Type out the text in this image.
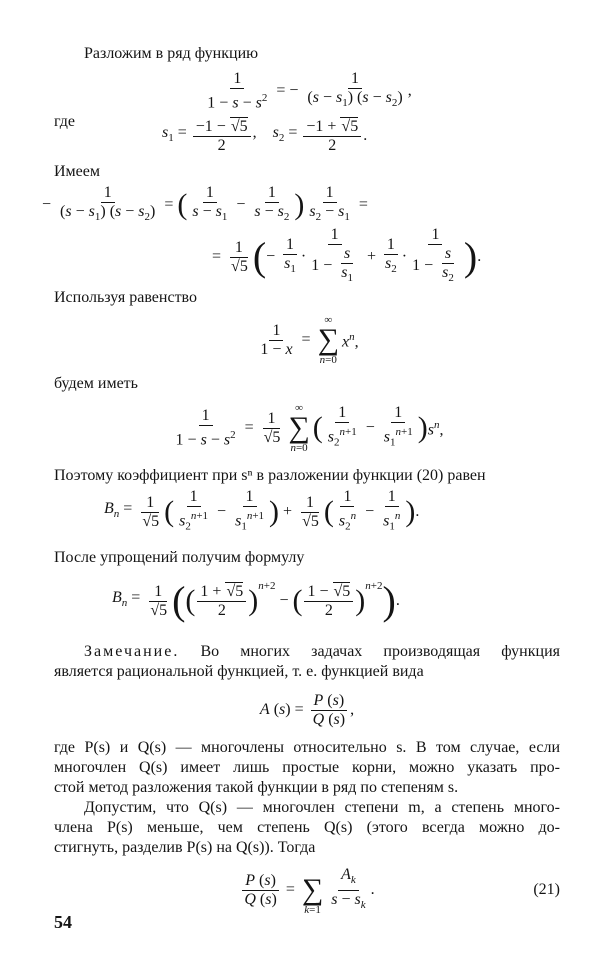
Разложим в ряд функцию

$\frac{1}{1 - s - s^2}$ = − $\frac{1}{(s - s_1) (s - s_2)}$ ,
где
$s_1 = \frac{-1 - √5}{2}$ ,    $s_2 = \frac{-1 + √5}{2}$ .

Имеем

− $\frac{1}{(s - s_1) (s - s_2)}$ = ( $\frac{1}{s - s_1} - \frac{1}{s - s_2}$ ) $\frac{1}{s_2 - s_1}$ =
= $\frac{1}{√5}$ ( − $\frac{1}{s_1} \cdot \frac{1}{1 - \frac{s}{s_1}} + \frac{1}{s_2} \cdot \frac{1}{1 - \frac{s}{s_2}}$ ) .

Используя равенство

$\frac{1}{1 - x}$ =
∞
∑
n=0
$x^n$,

будем иметь

$\frac{1}{1 - s - s^2} = \frac{1}{√5}$
∞
∑
n=0
( $\frac{1}{s_2^{n+1}} - \frac{1}{s_1^{n+1}}$ ) $s^n$,

Поэтому коэффициент при sⁿ в разложении функции (20) равен

$B_n = \frac{1}{√5}$ ( $\frac{1}{s_2^{n+1}} - \frac{1}{s_1^{n+1}}$ ) + $\frac{1}{√5}$ ( $\frac{1}{s_2^n} - \frac{1}{s_1^n}$ ) .

После упрощений получим формулу

$B_n = \frac{1}{√5}$ ( ( $\frac{1 + √5}{2}$ ) $^{n+2}$
− ( $\frac{1 - √5}{2}$ ) $^{n+2}$ ) .

Замечание. Во многих задачах производящая функция

является рациональной функцией, т. е. функцией вида

A $(s) = \frac{P (s)}{Q (s)}$ ,

где P(s) и Q(s) — многочлены относительно s. В том случае, если

многочлен Q(s) имеет лишь простые корни, можно указать про-

стой метод разложения такой функции в ряд по степеням s.

Допустим, что Q(s) — многочлен степени m, а степень много-

члена P(s) меньше, чем степень Q(s) (этого всегда можно до-

стигнуть, разделив P(s) на Q(s)). Тогда

$\frac{P (s)}{Q (s)}$ =
∑
$k=1 \frac{A_k}{s - s_k}$ .	(21)
54
